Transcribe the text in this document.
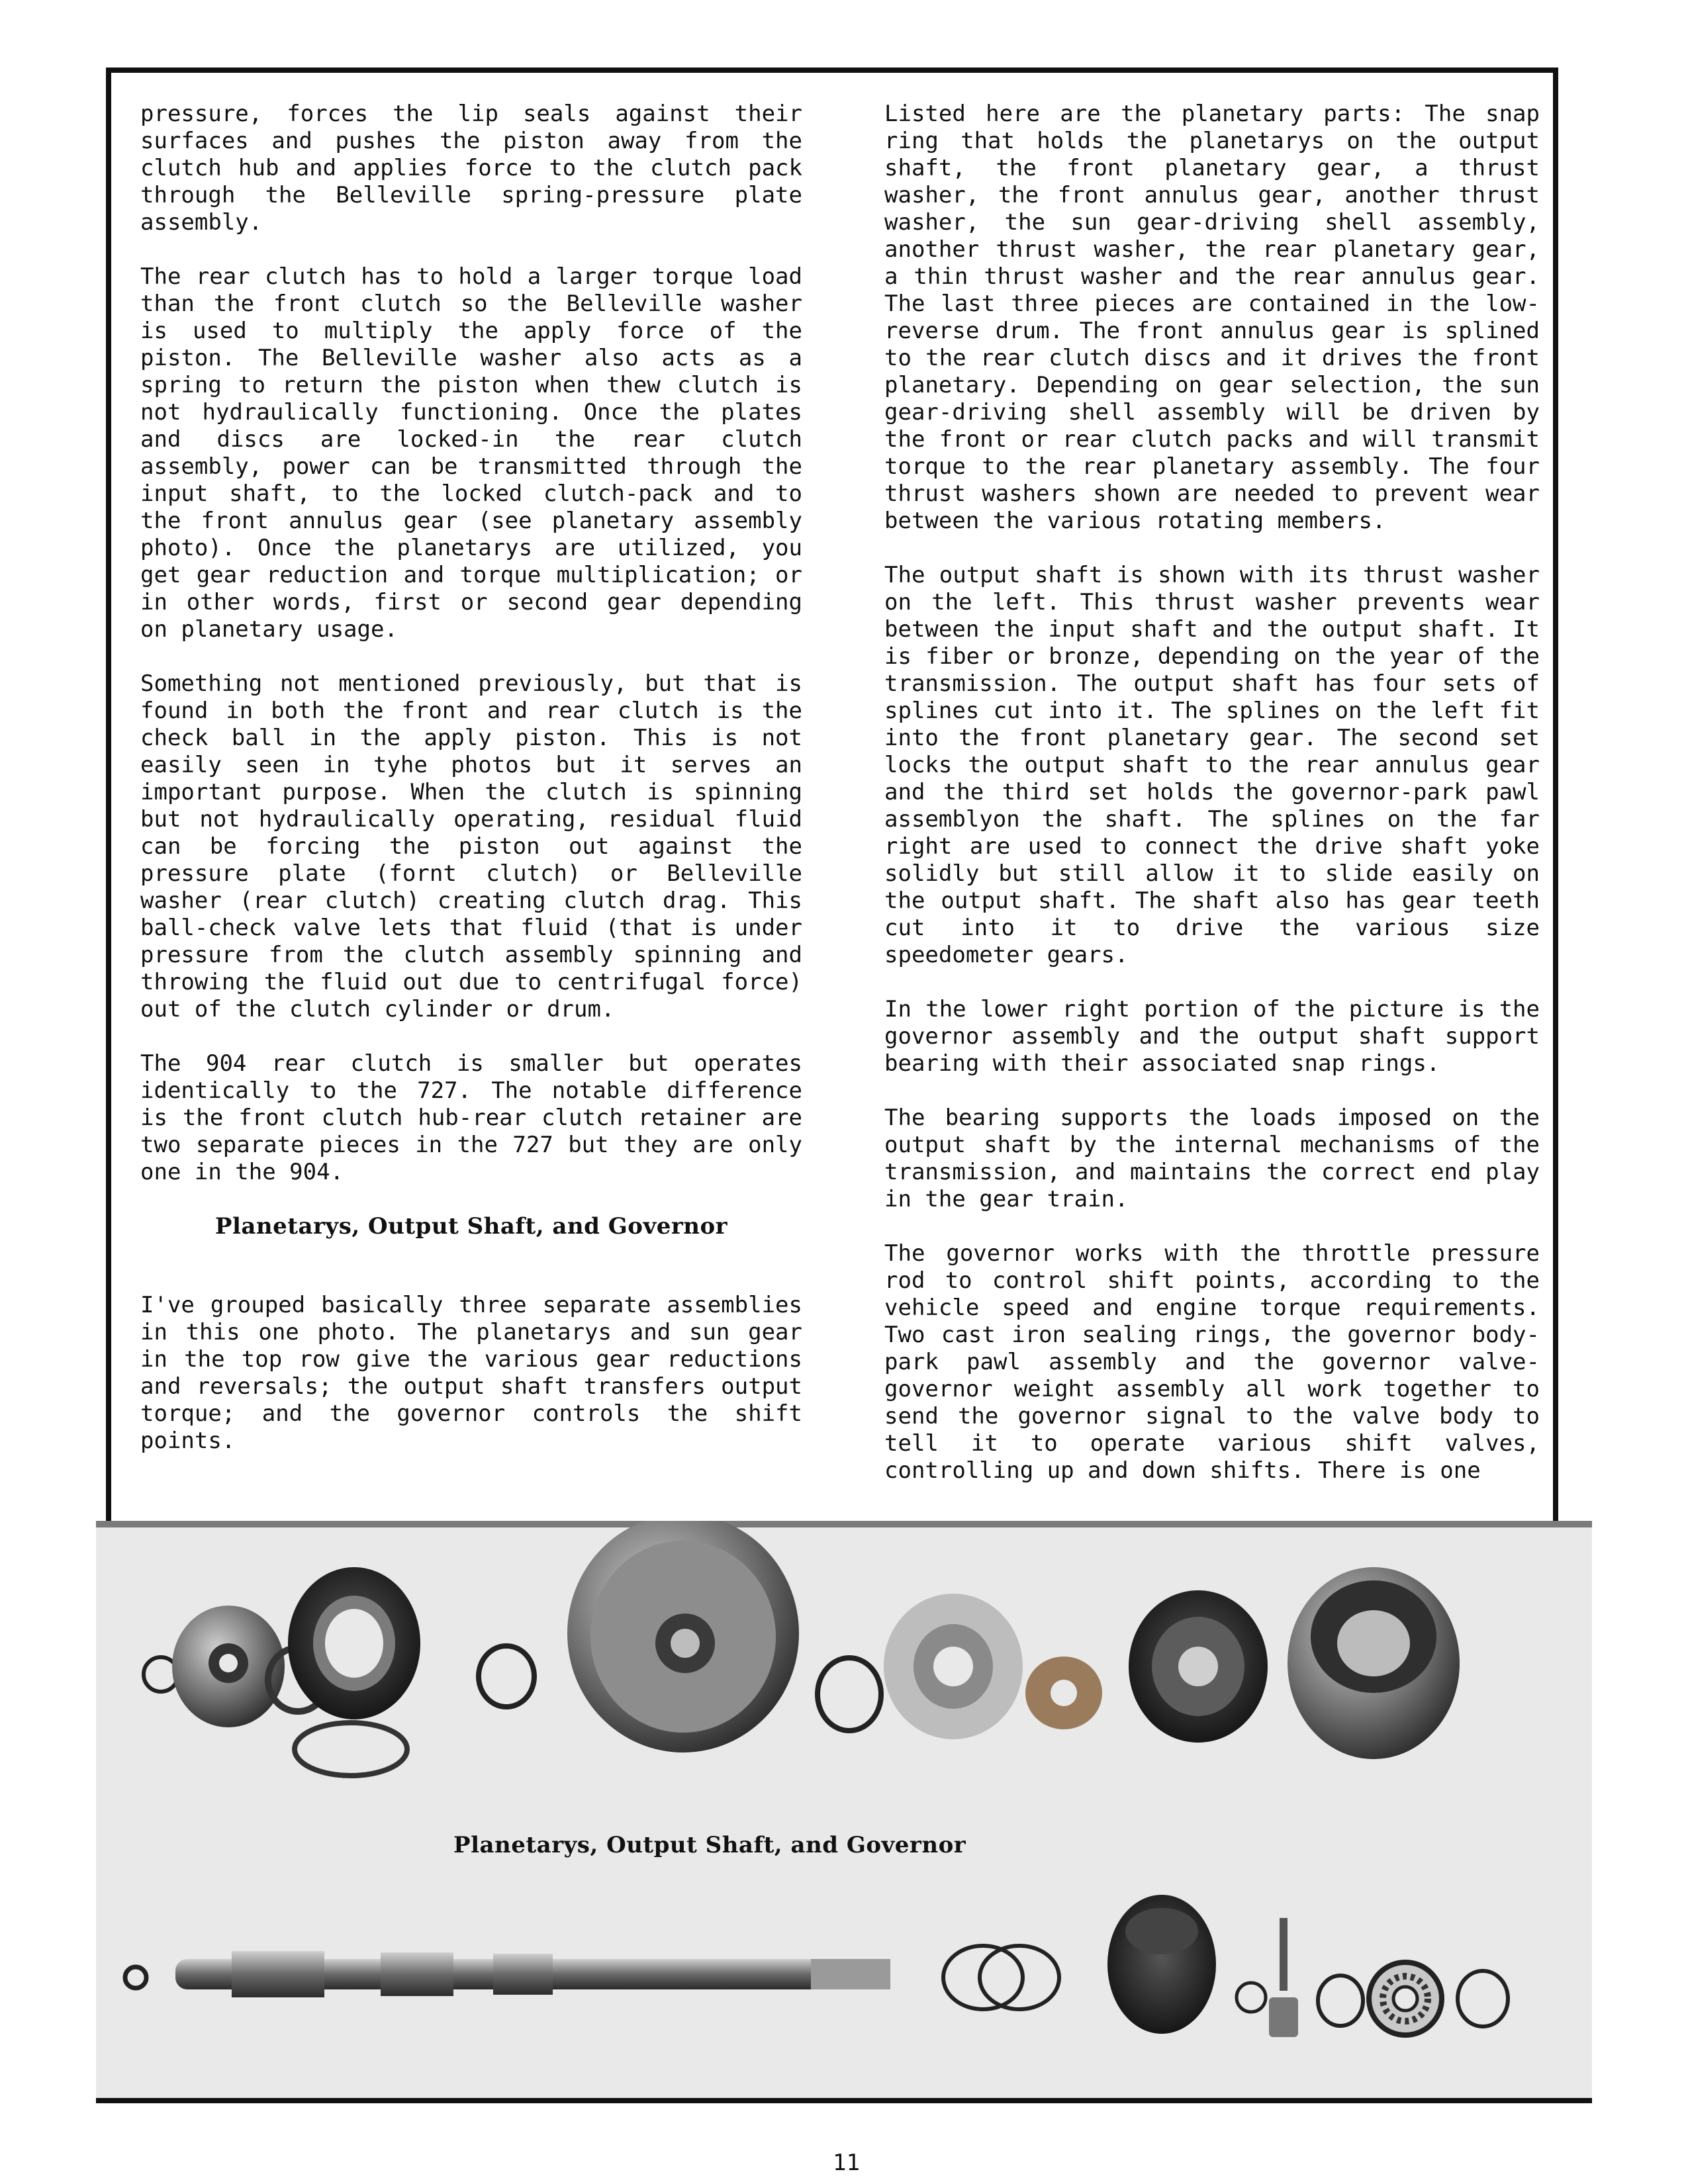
pressure, forces the lip seals against their surfaces and pushes the piston away from the clutch hub and applies force to the clutch pack through the Belleville spring-pressure plate assembly.

The rear clutch has to hold a larger torque load than the front clutch so the Belleville washer is used to multiply the apply force of the piston. The Belleville washer also acts as a spring to return the piston when thew clutch is not hydraulically functioning. Once the plates and discs are locked-in the rear clutch assembly, power can be transmitted through the input shaft, to the locked clutch-pack and to the front annulus gear (see planetary assembly photo). Once the planetarys are utilized, you get gear reduction and torque multiplication; or in other words, first or second gear depending on planetary usage.

Something not mentioned previously, but that is found in both the front and rear clutch is the check ball in the apply piston. This is not easily seen in tyhe photos but it serves an important purpose. When the clutch is spinning but not hydraulically operating, residual fluid can be forcing the piston out against the pressure plate (fornt clutch) or Belleville washer (rear clutch) creating clutch drag. This ball-check valve lets that fluid (that is under pressure from the clutch assembly spinning and throwing the fluid out due to centrifugal force) out of the clutch cylinder or drum.

The 904 rear clutch is smaller but operates identically to the 727. The notable difference is the front clutch hub-rear clutch retainer are two separate pieces in the 727 but they are only one in the 904.

Planetarys, Output Shaft, and Governor

I've grouped basically three separate assemblies in this one photo. The planetarys and sun gear in the top row give the various gear reductions and reversals; the output shaft transfers output torque; and the governor controls the shift points.

Listed here are the planetary parts: The snap ring that holds the planetarys on the output shaft, the front planetary gear, a thrust washer, the front annulus gear, another thrust washer, the sun gear-driving shell assembly, another thrust washer, the rear planetary gear, a thin thrust washer and the rear annulus gear. The last three pieces are contained in the low-reverse drum. The front annulus gear is splined to the rear clutch discs and it drives the front planetary. Depending on gear selection, the sun gear-driving shell assembly will be driven by the front or rear clutch packs and will transmit torque to the rear planetary assembly. The four thrust washers shown are needed to prevent wear between the various rotating members.

The output shaft is shown with its thrust washer on the left. This thrust washer prevents wear between the input shaft and the output shaft. It is fiber or bronze, depending on the year of the transmission. The output shaft has four sets of splines cut into it. The splines on the left fit into the front planetary gear. The second set locks the output shaft to the rear annulus gear and the third set holds the governor-park pawl assemblyon the shaft. The splines on the far right are used to connect the drive shaft yoke solidly but still allow it to slide easily on the output shaft. The shaft also has gear teeth cut into it to drive the various size speedometer gears.

In the lower right portion of the picture is the governor assembly and the output shaft support bearing with their associated snap rings.

The bearing supports the loads imposed on the output shaft by the internal mechanisms of the transmission, and maintains the correct end play in the gear train.

The governor works with the throttle pressure rod to control shift points, according to the vehicle speed and engine torque requirements. Two cast iron sealing rings, the governor body-park pawl assembly and the governor valve-governor weight assembly all work together to send the governor signal to the valve body to tell it to operate various shift valves, controlling up and down shifts. There is one

Planetarys, Output Shaft, and Governor
11
